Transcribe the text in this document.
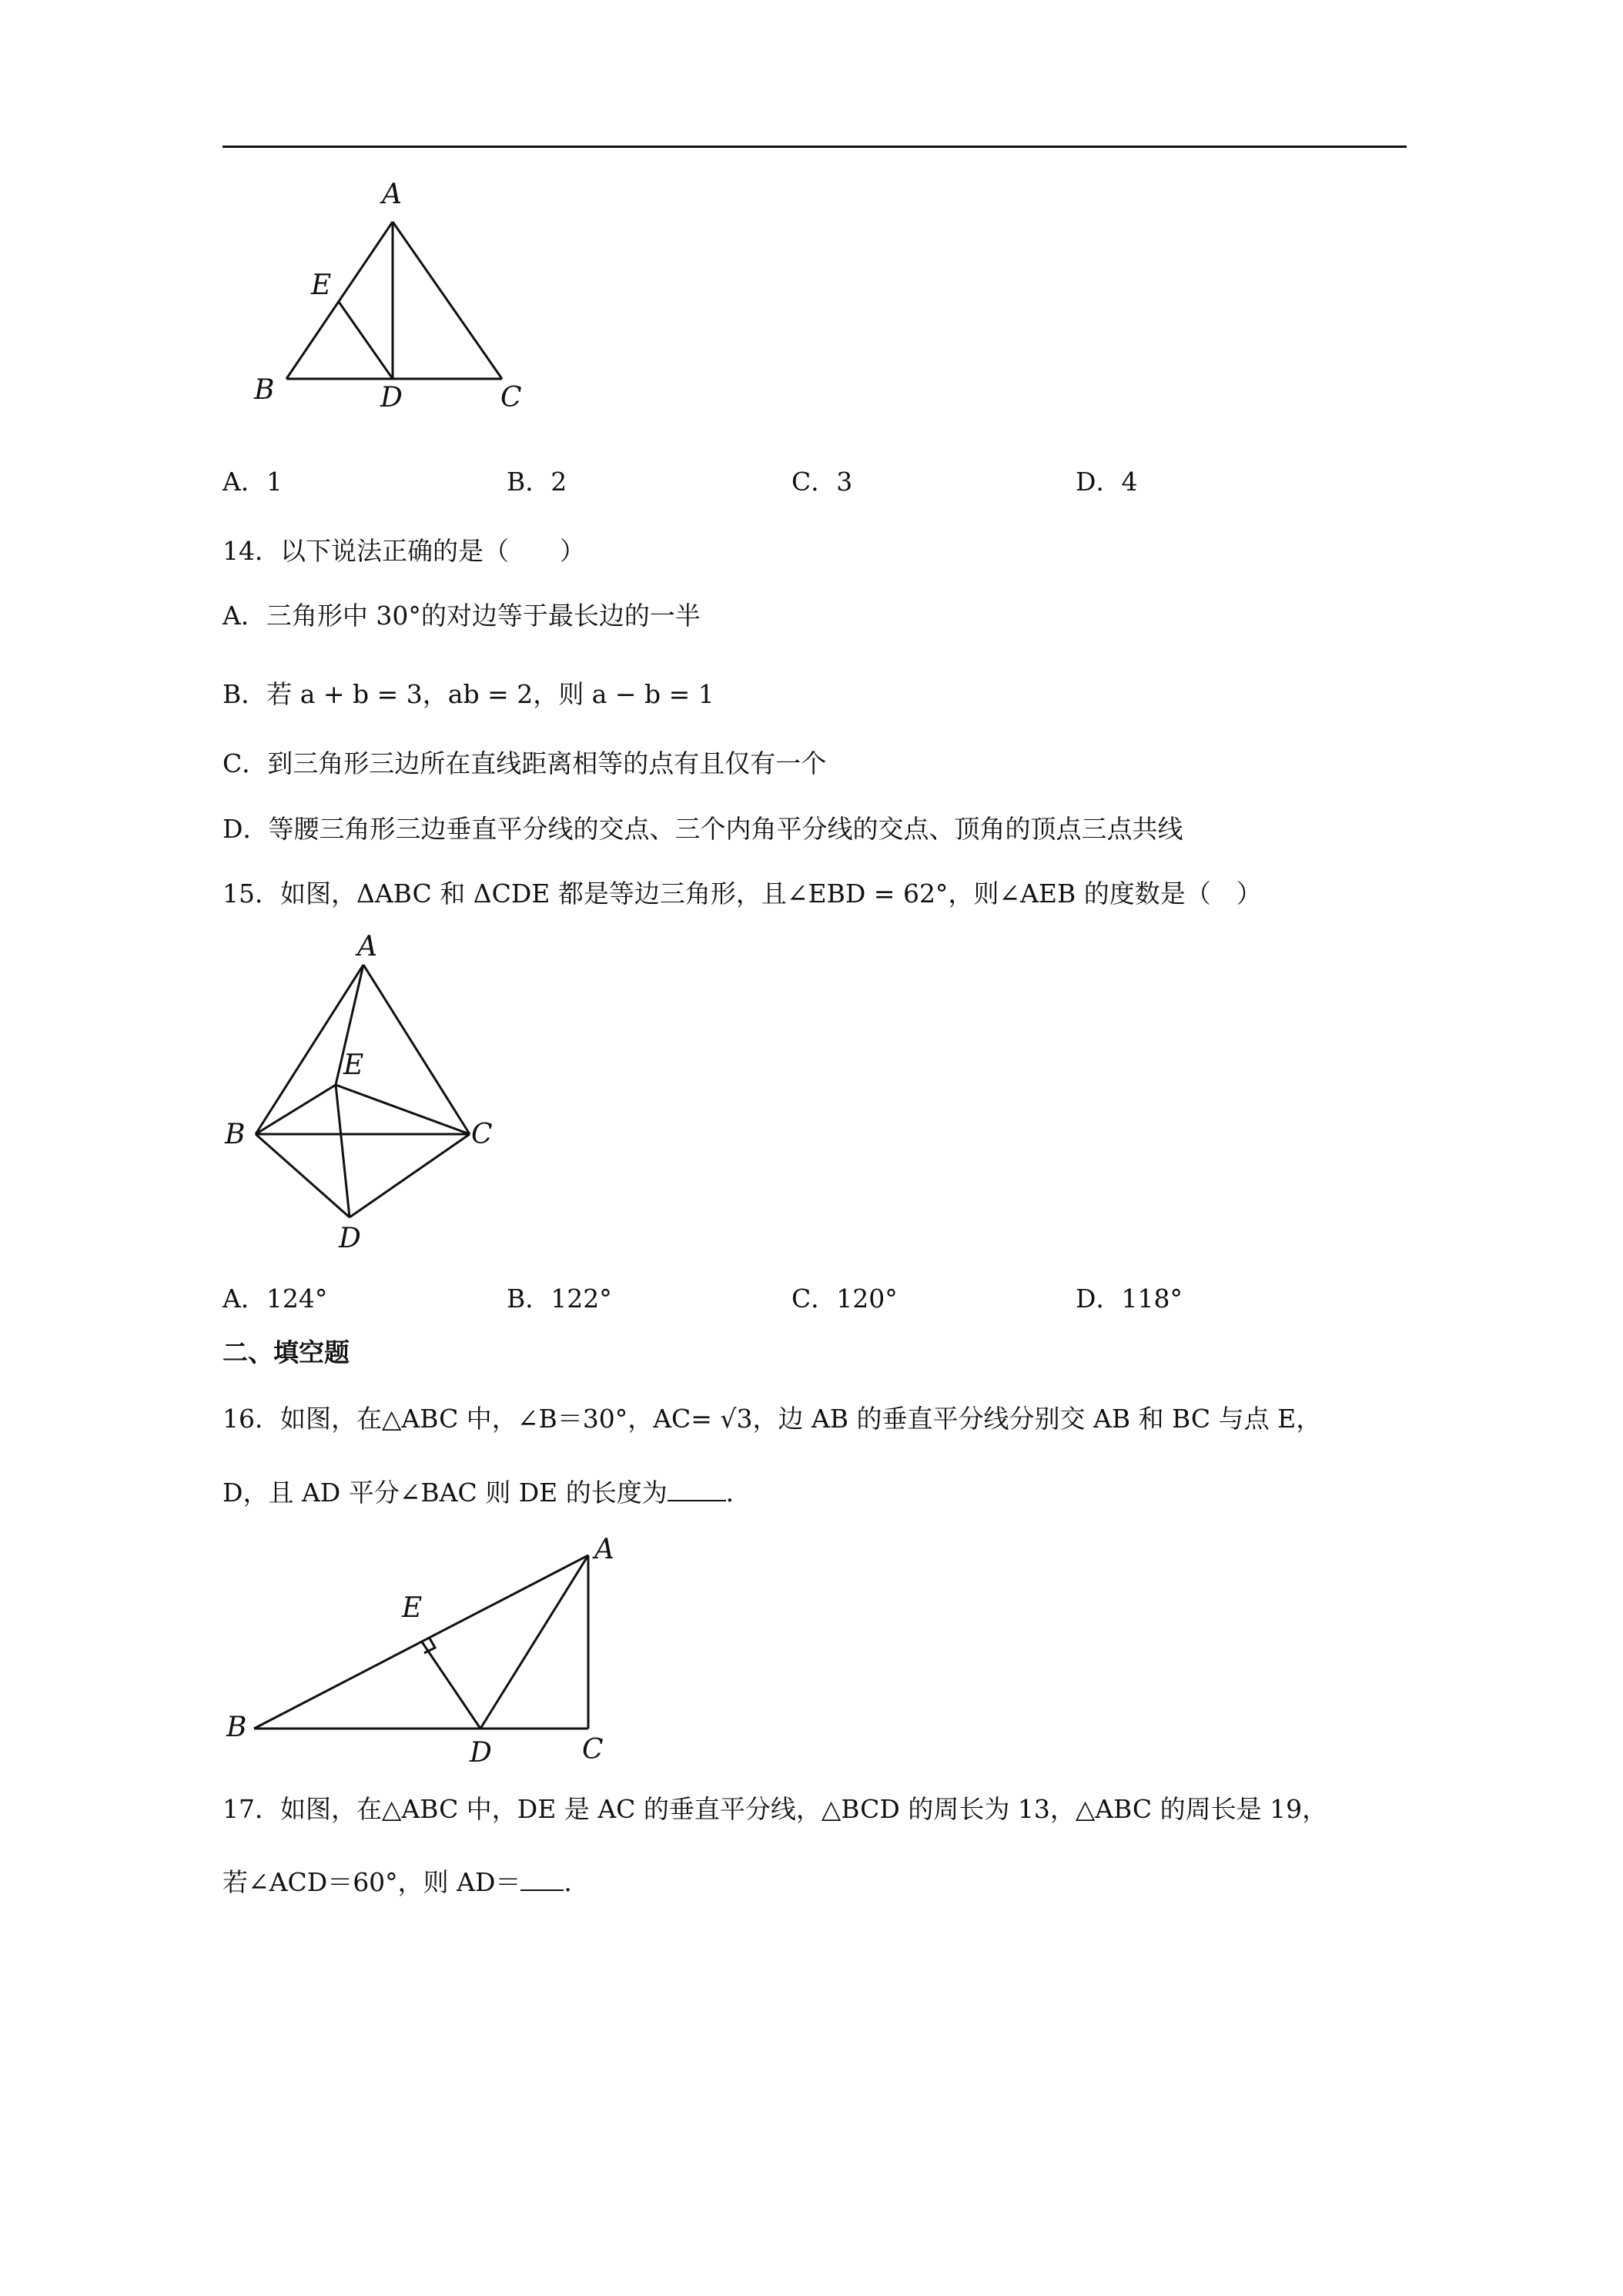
A
E
B	D	C
A．1	B．2	C．3	D．4
14．以下说法正确的是（　　）
A．三角形中 30°的对边等于最长边的一半
B．若 a + b = 3，ab = 2，则 a − b = 1
C．到三角形三边所在直线距离相等的点有且仅有一个
D．等腰三角形三边垂直平分线的交点、三个内角平分线的交点、顶角的顶点三点共线
15．如图，ΔABC 和 ΔCDE 都是等边三角形，且∠EBD = 62°，则∠AEB 的度数是（　）
A
E
B	C
D
A．124°	B．122°	C．120°	D．118°
二、填空题
16．如图，在△ABC 中，∠B＝30°，AC= √3，边 AB 的垂直平分线分别交 AB 和 BC 与点 E，
D，且 AD 平分∠BAC 则 DE 的长度为 ．
A
E
B
D	C
17．如图，在△ABC 中，DE 是 AC 的垂直平分线，△BCD 的周长为 13，△ABC 的周长是 19，
若∠ACD＝60°，则 AD＝ ．
